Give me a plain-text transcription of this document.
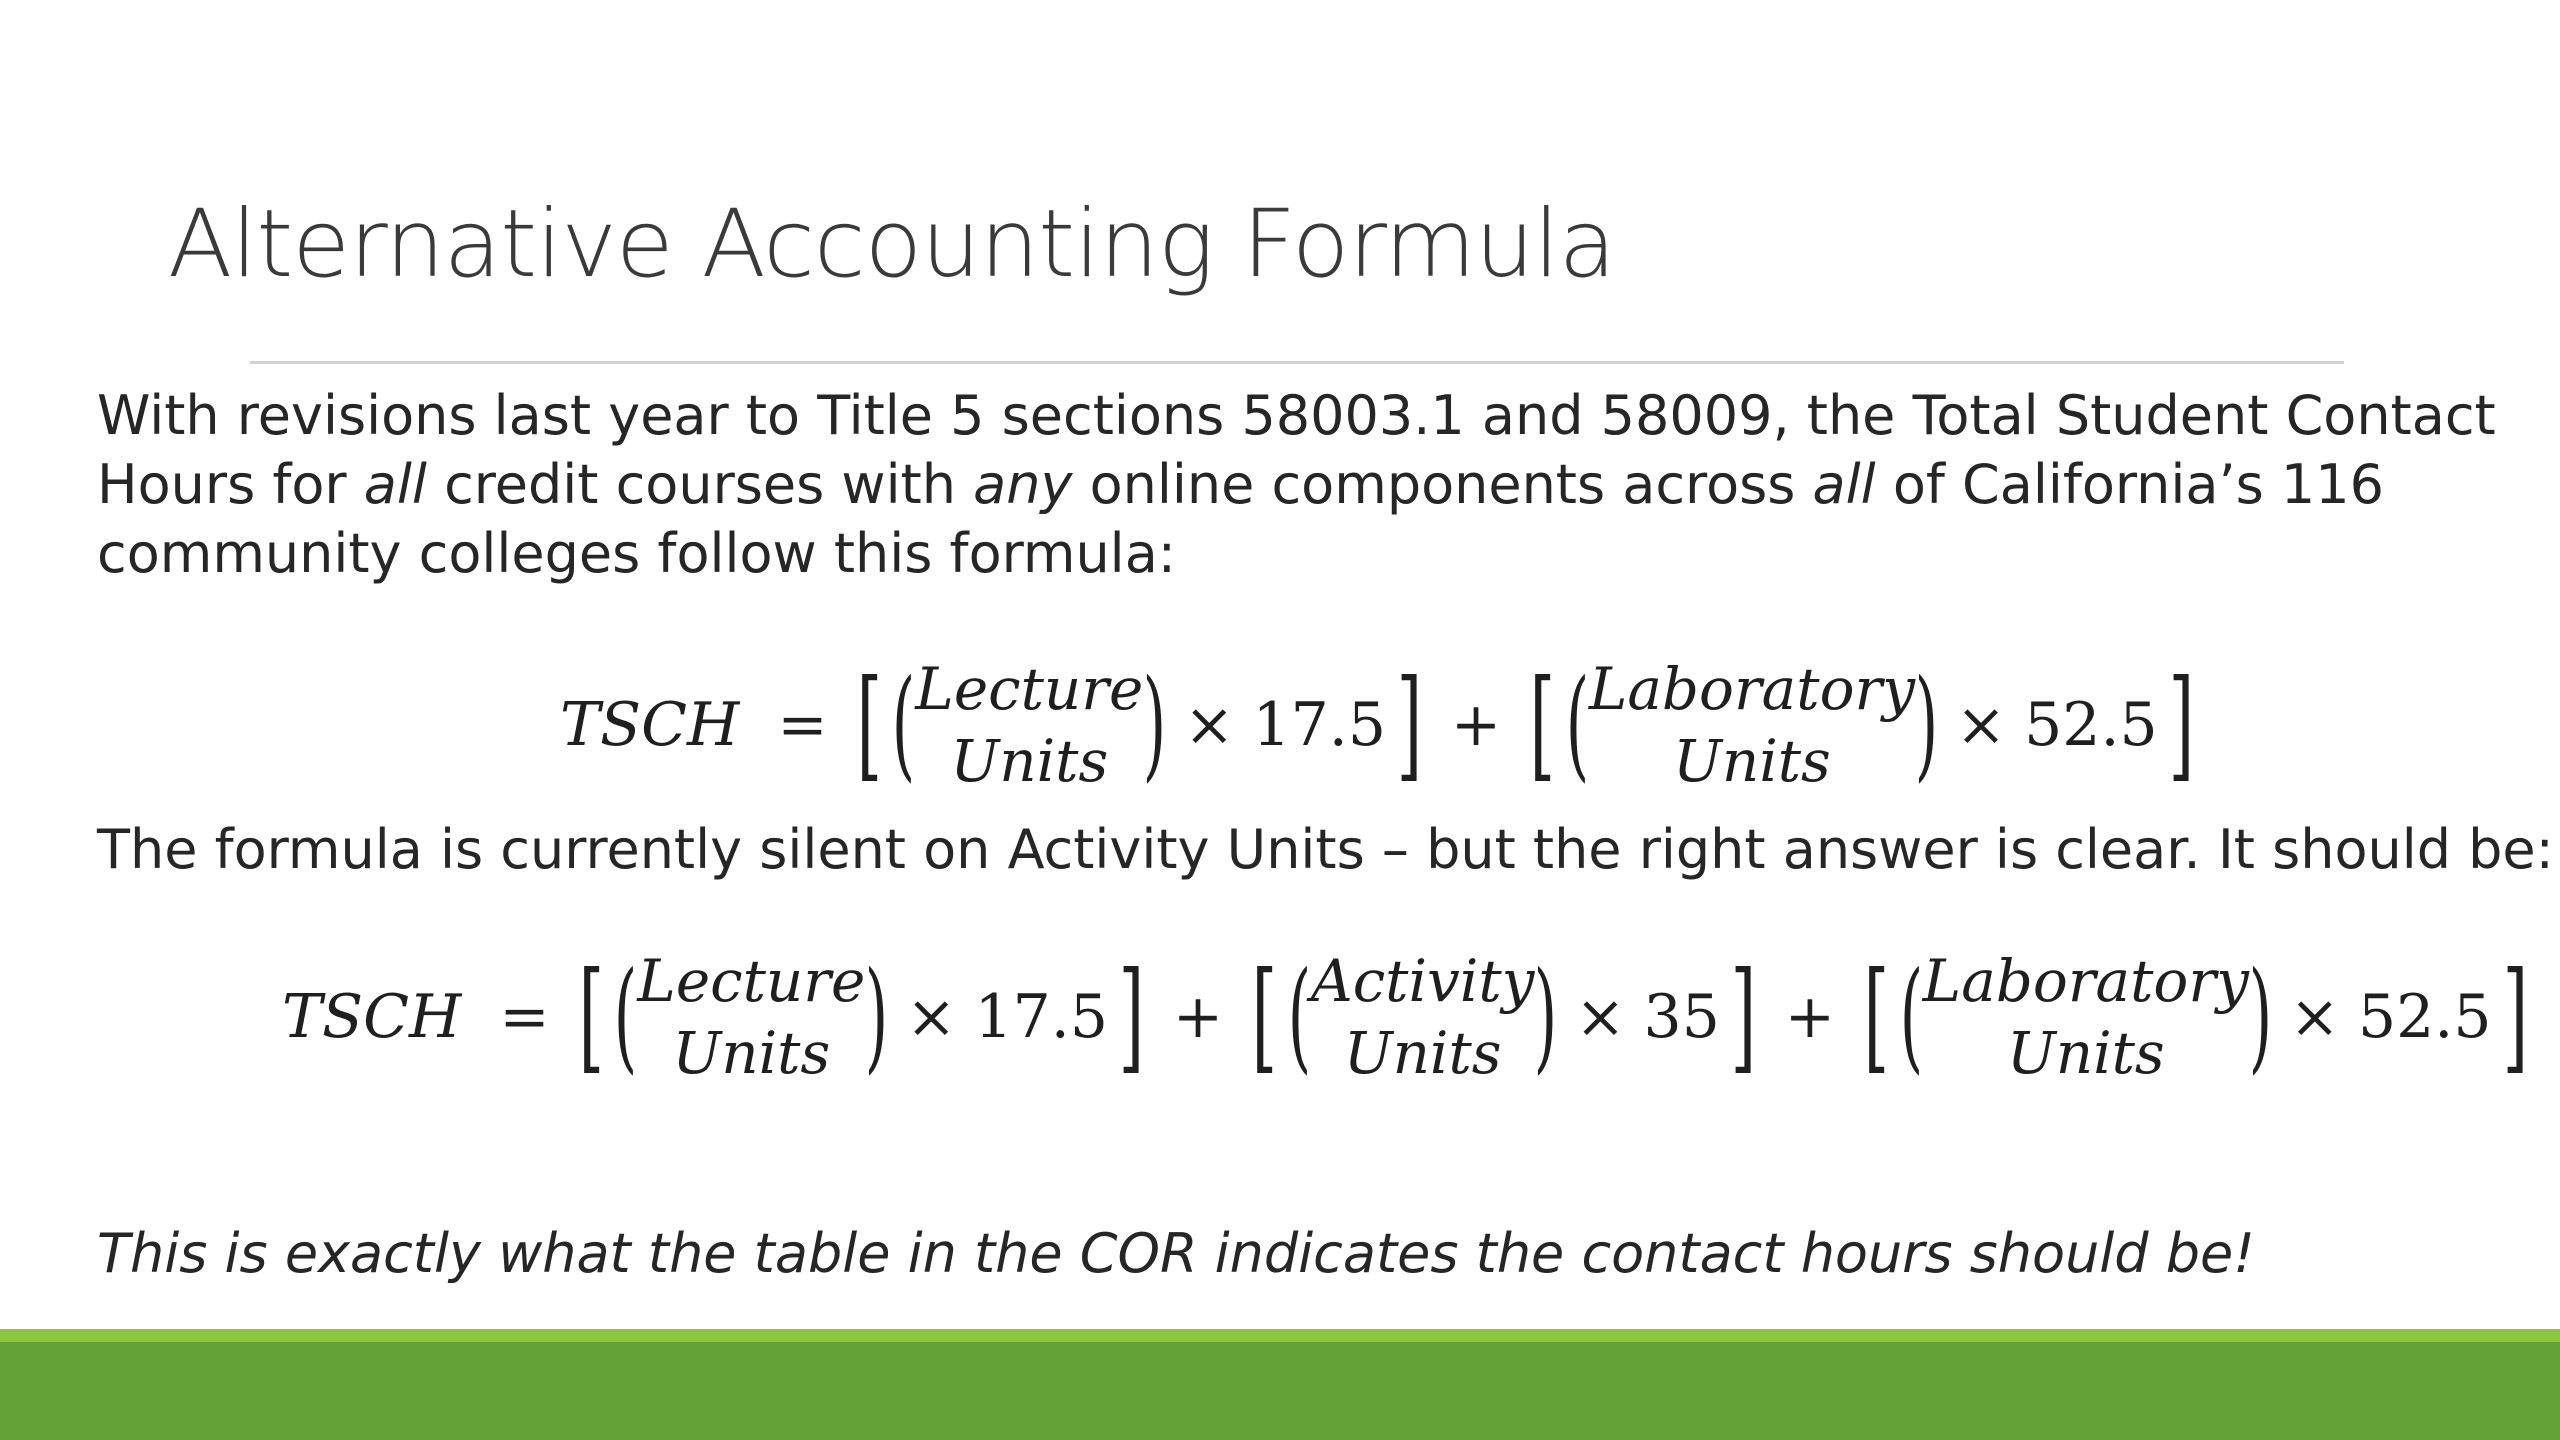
Alternative Accounting Formula
With revisions last year to Title 5 sections 58003.1 and 58009, the Total Student Contact
Hours for all credit courses with any online components across all of California’s 116
community colleges follow this formula:
TSCH = [ ( Lecture
Units ) × 17.5 ] + [ ( Laboratory
Units ) × 52.5 ]
The formula is currently silent on Activity Units – but the right answer is clear. It should be:
TSCH = [ ( Lecture
Units ) × 17.5 ] + [ ( Activity
Units ) × 35 ] + [ ( Laboratory
Units ) × 52.5 ]
This is exactly what the table in the COR indicates the contact hours should be!
